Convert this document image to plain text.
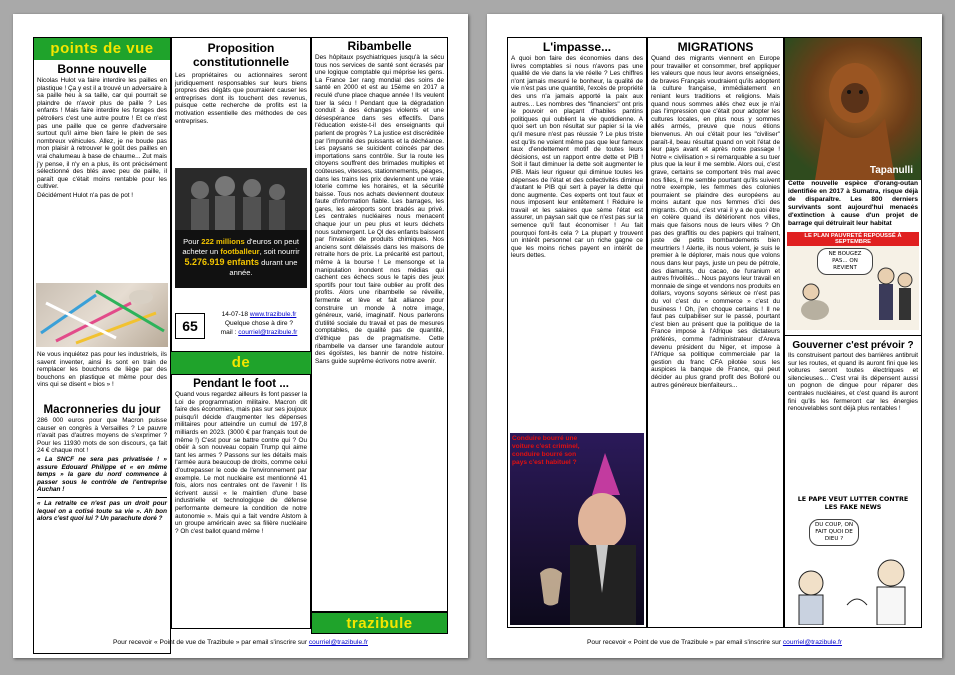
points de vue
Bonne nouvelle

Nicolas Hulot va faire interdire les pailles en plastique ! Ça y est il a trouvé un adversaire à sa paille heu à sa taille, car qui pourrait se plaindre de n'avoir plus de paille ? Les enfants ! Mais faire interdire les forages des pétroliers c'est une autre poutre ! Et ce n'est pas une paille que ce genre d'adversaire surtout qu'il aime bien faire le plein de ses nombreux véhicules. Allez, je ne boude pas mon plaisir à retrouver le goût des pailles en vrai chalumeau à base de chaume... Zut mais j'y pense, il n'y en a plus, ils ont précisément sélectionné des blés avec peu de paille, il paraît que c'était moins rentable pour les cultiver.

Décidément Hulot n'a pas de pot !

Ne vous inquiétez pas pour les industriels, ils savent inventer, ainsi ils sont en train de remplacer les bouchons de liège par des bouchons en plastique et même pour des vins qui se disent « bios » !
Macronneries du jour

286 000 euros pour que Macron puisse causer en congrès à Versailles ? Le pauvre n'avait pas d'autres moyens de s'exprimer ? Pour les 11930 mots de son discours, ça fait 24 € chaque mot !

« La SNCF ne sera pas privatisée ! » assure Edouard Philippe et « en même temps » la gare du nord commence à passer sous le contrôle de l'entreprise Auchan !

« La retraite ce n'est pas un droit pour lequel on a cotisé toute sa vie ». Ah bon alors c'est quoi lui ? Un parachute doré ?

Proposition constitutionnelle
Les propriétaires ou actionnaires seront juridiquement responsables sur leurs biens propres des dégâts que pourraient causer les entreprises dont ils touchent des revenus, puisque cette recherche de profits est la motivation essentielle des méthodes de ces entreprises.
Pour 222 millions d'euros on peut acheter un footballeur, soit nourrir 5.276.919 enfants durant une année.
65
14-07-18 www.trazibule.fr
Quelque chose à dire ?
mail : courriel@trazibule.fr
de
Pendant le foot ...
Quand vous regardez ailleurs ils font passer la Loi de programmation militaire. Macron dit faire des économies, mais pas sur ses joujoux puisqu'il décide d'augmenter les dépenses militaires pour atteindre un cumul de 197,8 milliards en 2023. (3000 € par français tout de même !) C'est pour se battre contre qui ? Ou obéir à son nouveau copain Trump qui aime tant les armes ? Passons sur les détails mais l'armée aura beaucoup de droits, comme celui d'outrepasser le code de l'environnement par exemple. Le mot nucléaire est mentionné 41 fois, alors nos centrales ont de l'avenir ! Ils écrivent aussi « le maintien d'une base industrielle et technologique de défense performante demeure la condition de notre autonomie ». Mais qui a fait vendre Alstom à un groupe américain avec sa filière nucléaire ? Oh c'est ballot quand même !
Ribambelle
Des hôpitaux psychiatriques jusqu'à la sécu tous nos services de santé sont écrasés par une logique comptable qui méprise les gens. La France 1er rang mondial des soins de santé en 2000 et est au 15ème en 2017 a reculé d'une place chaque année ! Ils veulent tuer la sécu ! Pendant que la dégradation conduit à des échanges violents et une désespérance dans ses effectifs. Dans l'éducation existe-t-il des enseignants qui parlent de progrès ? La justice est discréditée par l'impunité des puissants et la déchéance. Les paysans se suicident coincés par des importations sans contrôle. Sur la route les citoyens souffrent des brimades multiples et coûteuses, vitesses, stationnements, péages, dans les trains les prix deviennent une vraie loterie comme les horaires, et la sécurité baisse. Tous nos achats deviennent douteux faute d'information fiable. Les barrages, les gares, les aéroports sont bradés au privé. Les centrales nucléaires nous menacent chaque jour un peu plus et leurs déchets nous submergent. Le QI des enfants baissent par l'invasion de produits chimiques. Nos anciens sont délaissés dans les maisons de retraite hors de prix. La précarité est partout, même à la bourse ! Le mensonge et la manipulation inondent nos médias qui cachent ces échecs sous le tapis des jeux sportifs pour tout faire oublier au profit des profits. Alors une ribambelle se réveille, fermente et lève et fait alliance pour construire un monde à notre image, généreux, varié, imaginatif. Nous parlerons d'utilité sociale du travail et pas de mesures comptables, de qualité pas de quantité, d'éthique pas de pragmatisme. Cette ribambelle va danser une farandole autour des égoïstes, les bannir de notre histoire. Sans guide suprême écrivons notre avenir.
trazibule
Pour recevoir « Point de vue de Trazibule » par email s'inscrire sur courriel@trazibule.fr
L'impasse...
A quoi bon faire des économies dans des livres comptables si nous n'avons pas une qualité de vie dans la vie réelle ? Les chiffres n'ont jamais mesuré le bonheur, la qualité de vie n'est pas une quantité, l'excès de propriété des uns n'a jamais apporté la paix aux autres... Les nombres des "financiers" ont pris le pouvoir en plaçant d'habiles pantins politiques qui oublient la vie quotidienne. A quoi sert un bon résultat sur papier si la vie qu'il mesure n'est pas réussie ? Le plus triste est qu'ils ne voient même pas que leur fameux taux d'endettement motif de toutes leurs décisions, est un rapport entre dette et PIB ! Soit il faut diminuer la dette soit augmenter le PIB. Mais leur rigueur qui diminue toutes les dépenses de l'état et des collectivités diminue d'autant le PIB qui sert à payer la dette qui donc augmente. Ces experts ont tout faux et nous imposent leur entêtement ! Réduire le travail et les salaires que sème l'état est assurer, un paysan sait que ce n'est pas sur la semence qu'il faut économiser ! Au fait pourquoi font-ils cela ? La plupart y trouvent un intérêt personnel car un riche gagne ce que les moins riches payent en intérêt de leurs dettes.
Conduire bourré une voiture c'est criminel, conduire bourré son pays c'est habituel ?
MIGRATIONS
Quand des migrants viennent en Europe pour travailler et consommer, bref appliquer les valeurs que nous leur avons enseignées, de braves Français voudraient qu'ils adoptent la culture française, immédiatement en reniant leurs traditions et religions. Mais quand nous sommes allés chez eux je n'ai pas l'impression que c'était pour adopter les cultures locales, en plus nous y sommes allés armés, preuve que nous étions bienvenus. Ah oui c'était pour les "civiliser" paraît-il, beau résultat quand on voit l'état de leur pays avant et après notre passage ! Notre « civilisation » si remarquable a su tuer plus que la leur il me semble. Alors oui, c'est grave, certains se comportent très mal avec nos filles, il me semble pourtant qu'ils suivent notre exemple, les femmes des colonies pourraient se plaindre des européens au moins autant que nos femmes d'ici des migrants. Oh oui, c'est vrai il y a de quoi être en colère quand ils détériorent nos villes, mais que faisons nous de leurs villes ? Oh pas des graffitis ou des papiers qui traînent, juste de petits bombardements bien meurtriers ! Alerte, ils nous volent, je suis le premier à le déplorer, mais nous que volons nous dans leur pays, juste un peu de pétrole, des diamants, du cacao, de l'uranium et autres frivolités... Nous payons leur travail en monnaie de singe et vendons nos produits en dollars, voyons soyons sérieux ce n'est pas du vol c'est du « commerce » c'est du business ! Oh, j'en choque certains ! Il ne faut pas culpabiliser sur le passé, pourtant c'est bien au présent que la politique de la France impose à l'Afrique ses dictateurs préférés, comme l'administrateur d'Areva devenu président du Niger, et impose à l'Afrique sa politique commerciale par la gestion du franc CFA pilotée sous les auspices la banque de France, qui peut décider au plus grand profit des Bolloré ou autres généreux bienfaiteurs...
Tapanulli
Cette nouvelle espèce d'orang-outan identifiée en 2017 à Sumatra, risque déjà de disparaître. Les 800 derniers survivants sont aujourd'hui menacés d'extinction à cause d'un projet de barrage qui détruirait leur habitat
LE PLAN PAUVRETÉ REPOUSSÉ À SEPTEMBRE
NE BOUGEZ PAS... ON REVIENT
Gouverner c'est prévoir ?
Ils construisent partout des barrières antibruit sur les routes, et quand ils auront fini que les voitures seront toutes électriques et silencieuses... C'est vrai ils dépensent aussi un pognon de dingue pour réparer des centrales nucléaires, et c'est quand ils auront fini qu'ils les fermeront car les énergies renouvelables sont déjà plus rentables !
LE PAPE VEUT LUTTER CONTRE LES FAKE NEWS
DU COUP, ON FAIT QUOI DE DIEU ?
Pour recevoir « Point de vue de Trazibule » par email s'inscrire sur courriel@trazibule.fr
